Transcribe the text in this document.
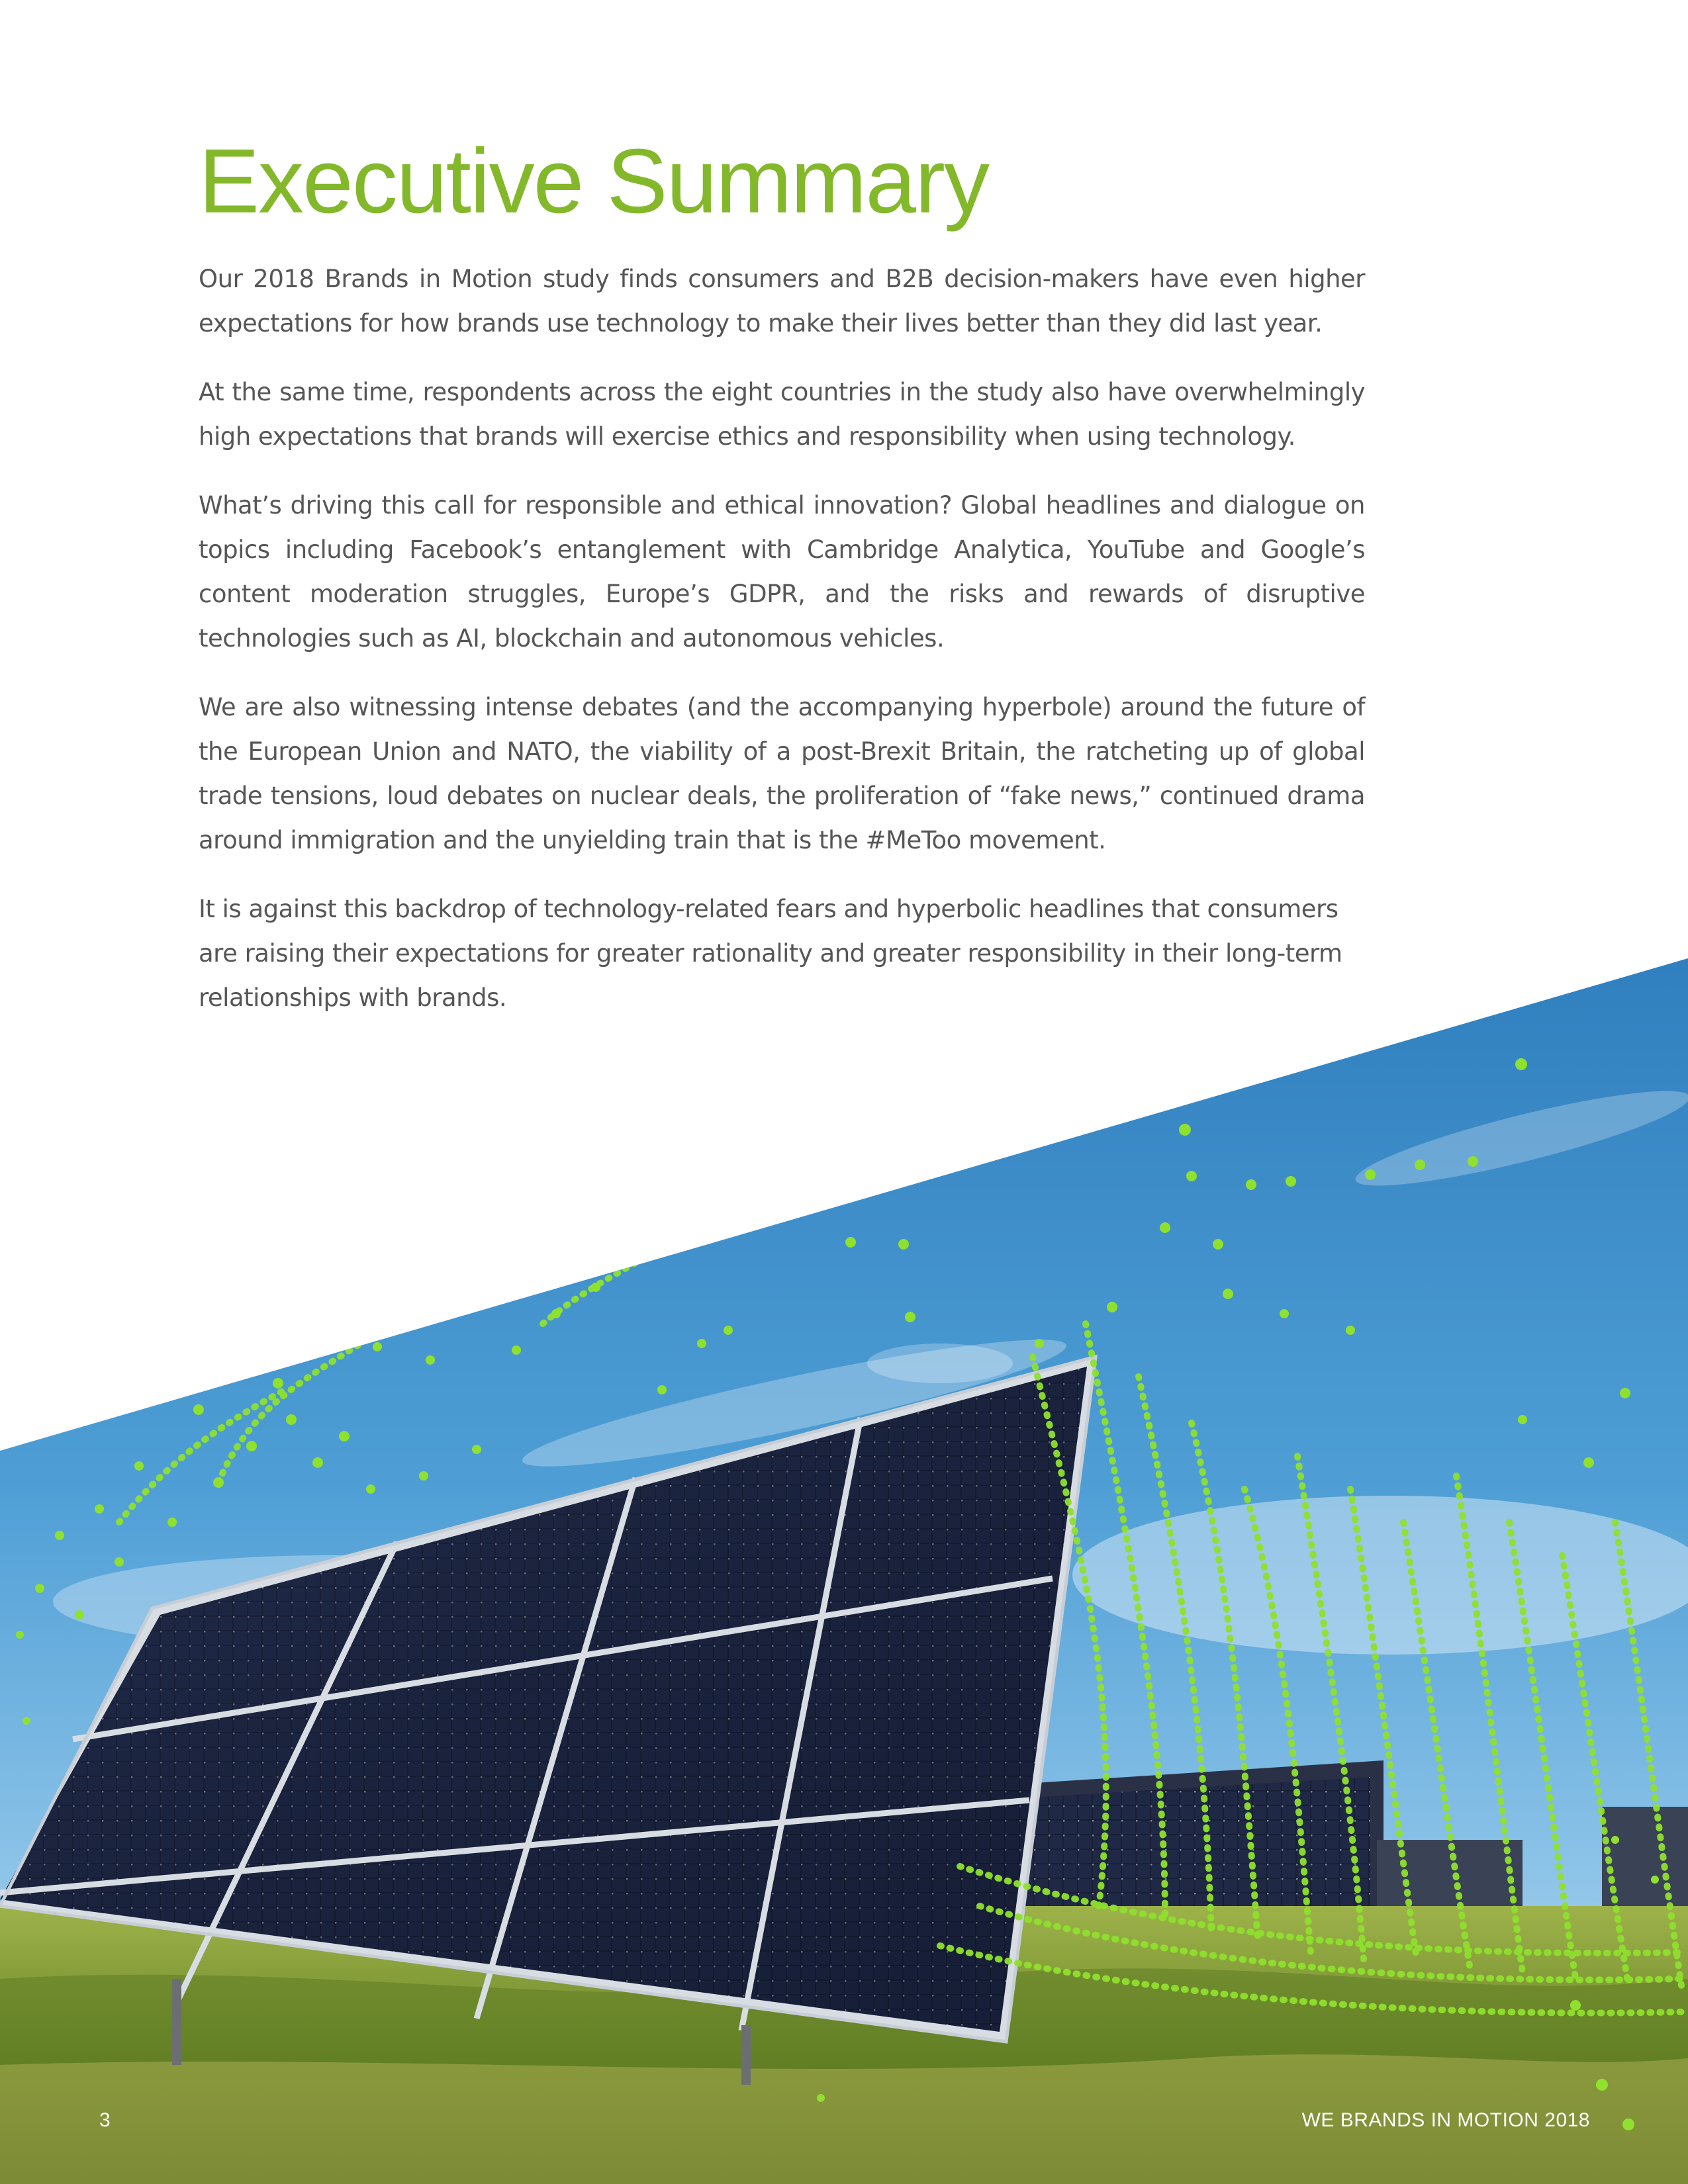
Executive Summary

Our 2018 Brands in Motion study finds consumers and B2B decision-makers have even higher expectations for how brands use technology to make their lives better than they did last year.

At the same time, respondents across the eight countries in the study also have overwhelmingly high expectations that brands will exercise ethics and responsibility when using technology.

What’s driving this call for responsible and ethical innovation? Global headlines and dialogue on topics including Facebook’s entanglement with Cambridge Analytica, YouTube and Google’s content moderation struggles, Europe’s GDPR, and the risks and rewards of disruptive technologies such as AI, blockchain and autonomous vehicles.

We are also witnessing intense debates (and the accompanying hyperbole) around the future of the European Union and NATO, the viability of a post-Brexit Britain, the ratcheting up of global trade tensions, loud debates on nuclear deals, the proliferation of “fake news,” continued drama around immigration and the unyielding train that is the #MeToo movement.

It is against this backdrop of technology-related fears and hyperbolic headlines that consumers are raising their expectations for greater rationality and greater responsibility in their long-term relationships with brands.

3	WE BRANDS IN MOTION 2018
